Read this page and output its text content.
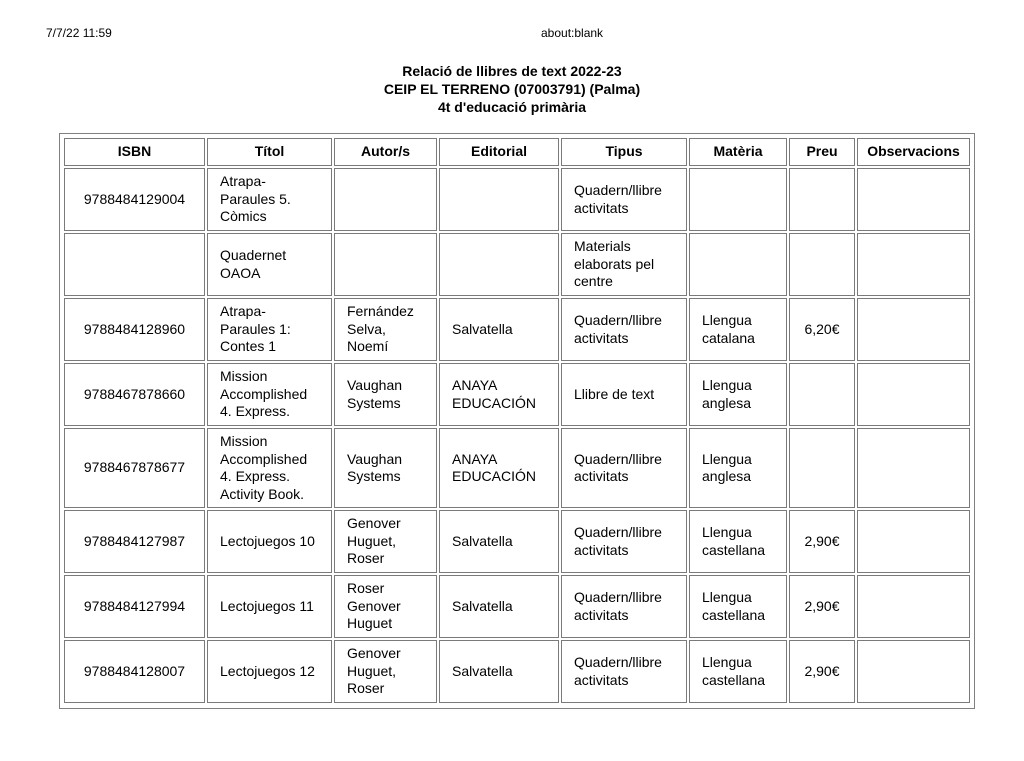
7/7/22 11:59	about:blank
Relació de llibres de text 2022-23
CEIP EL TERRENO (07003791) (Palma)
4t d'educació primària
ISBN	Títol	Autor/s	Editorial	Tipus	Matèria	Preu	Observacions
9788484129004	Atrapa-Paraules 5. Còmics			Quadern/llibre activitats			
	Quadernet OAOA			Materials elaborats pel centre			
9788484128960	Atrapa-Paraules 1: Contes 1	Fernández Selva, Noemí	Salvatella	Quadern/llibre activitats	Llengua catalana	6,20€	
9788467878660	Mission Accomplished 4. Express.	Vaughan Systems	ANAYA EDUCACIÓN	Llibre de text	Llengua anglesa		
9788467878677	Mission Accomplished 4. Express. Activity Book.	Vaughan Systems	ANAYA EDUCACIÓN	Quadern/llibre activitats	Llengua anglesa		
9788484127987	Lectojuegos 10	Genover Huguet, Roser	Salvatella	Quadern/llibre activitats	Llengua castellana	2,90€	
9788484127994	Lectojuegos 11	Roser Genover Huguet	Salvatella	Quadern/llibre activitats	Llengua castellana	2,90€	
9788484128007	Lectojuegos 12	Genover Huguet, Roser	Salvatella	Quadern/llibre activitats	Llengua castellana	2,90€	
